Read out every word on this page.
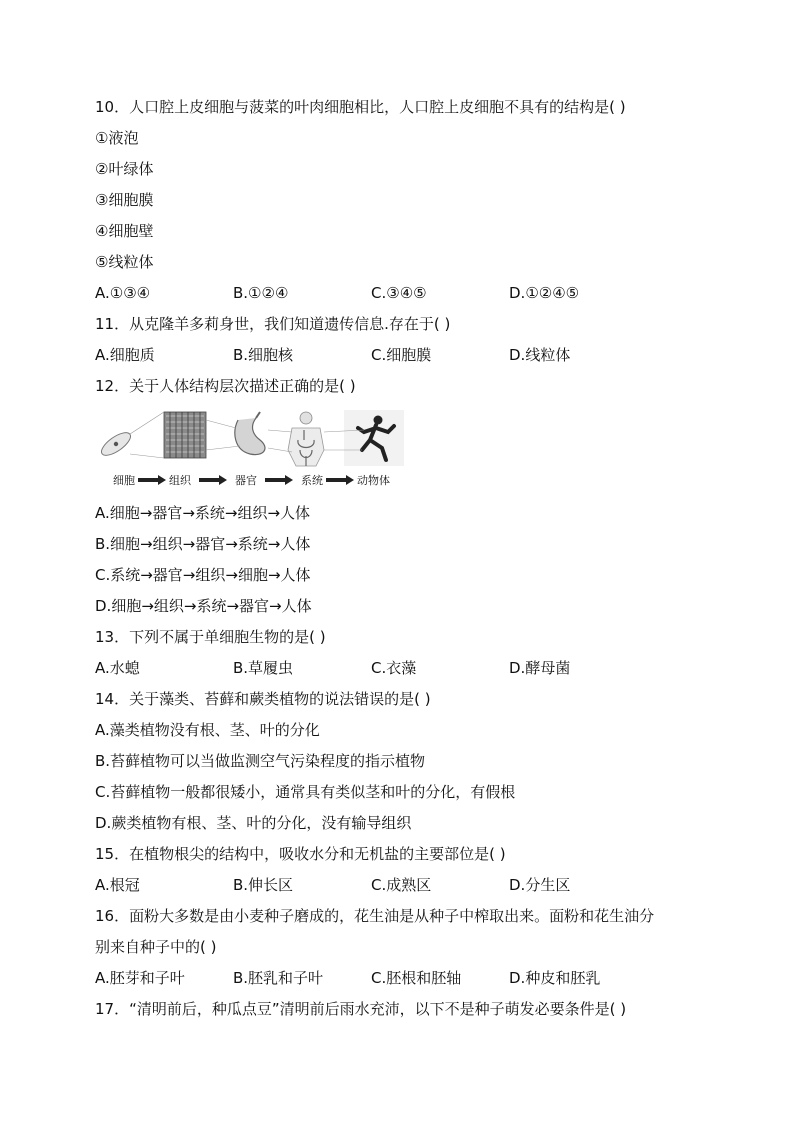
10．人口腔上皮细胞与菠菜的叶肉细胞相比，人口腔上皮细胞不具有的结构是( )
①液泡
②叶绿体
③细胞膜
④细胞壁
⑤线粒体
A.①③④	B.①②④	C.③④⑤	D.①②④⑤
11．从克隆羊多莉身世，我们知道遗传信息.存在于( )
A.细胞质	B.细胞核	C.细胞膜	D.线粒体
12．关于人体结构层次描述正确的是( )
细胞	组织	器官	系统	动物体
A.细胞→器官→系统→组织→人体
B.细胞→组织→器官→系统→人体
C.系统→器官→组织→细胞→人体
D.细胞→组织→系统→器官→人体
13．下列不属于单细胞生物的是( )
A.水螅	B.草履虫	C.衣藻	D.酵母菌
14．关于藻类、苔藓和蕨类植物的说法错误的是( )
A.藻类植物没有根、茎、叶的分化
B.苔藓植物可以当做监测空气污染程度的指示植物
C.苔藓植物一般都很矮小，通常具有类似茎和叶的分化，有假根
D.蕨类植物有根、茎、叶的分化，没有输导组织
15．在植物根尖的结构中，吸收水分和无机盐的主要部位是( )
A.根冠	B.伸长区	C.成熟区	D.分生区
16．面粉大多数是由小麦种子磨成的，花生油是从种子中榨取出来。面粉和花生油分
别来自种子中的( )
A.胚芽和子叶	B.胚乳和子叶	C.胚根和胚轴	D.种皮和胚乳
17．“清明前后，种瓜点豆”清明前后雨水充沛，以下不是种子萌发必要条件是( )
